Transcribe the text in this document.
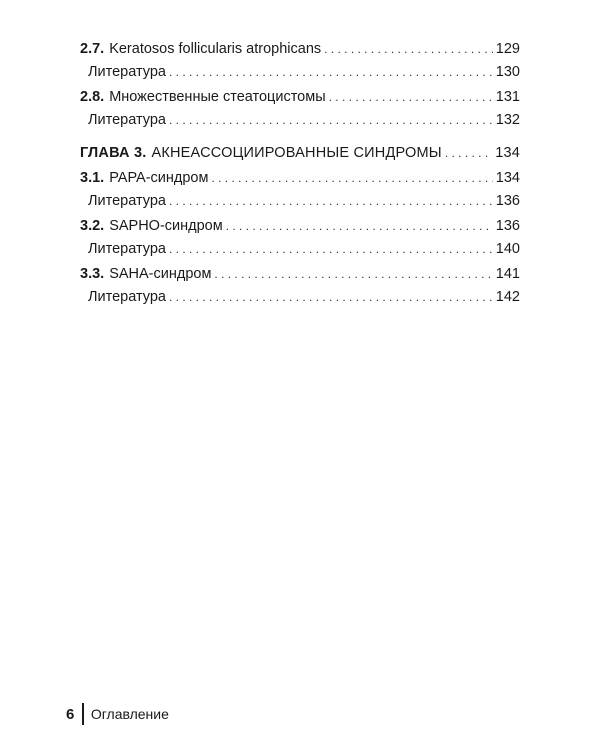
2.7. Keratosos follicularis atrophicans . . .	129
Литература . . .	130
2.8. Множественные стеатоцистомы . . .	131
Литература . . .	132
ГЛАВА 3. АКНЕАССОЦИИРОВАННЫЕ СИНДРОМЫ . . .	134
3.1. PAPA-синдром . . .	134
Литература . . .	136
3.2. SAPHO-синдром . . .	136
Литература . . .	140
3.3. SAHA-синдром . . .	141
Литература . . .	142
6 Оглавление
